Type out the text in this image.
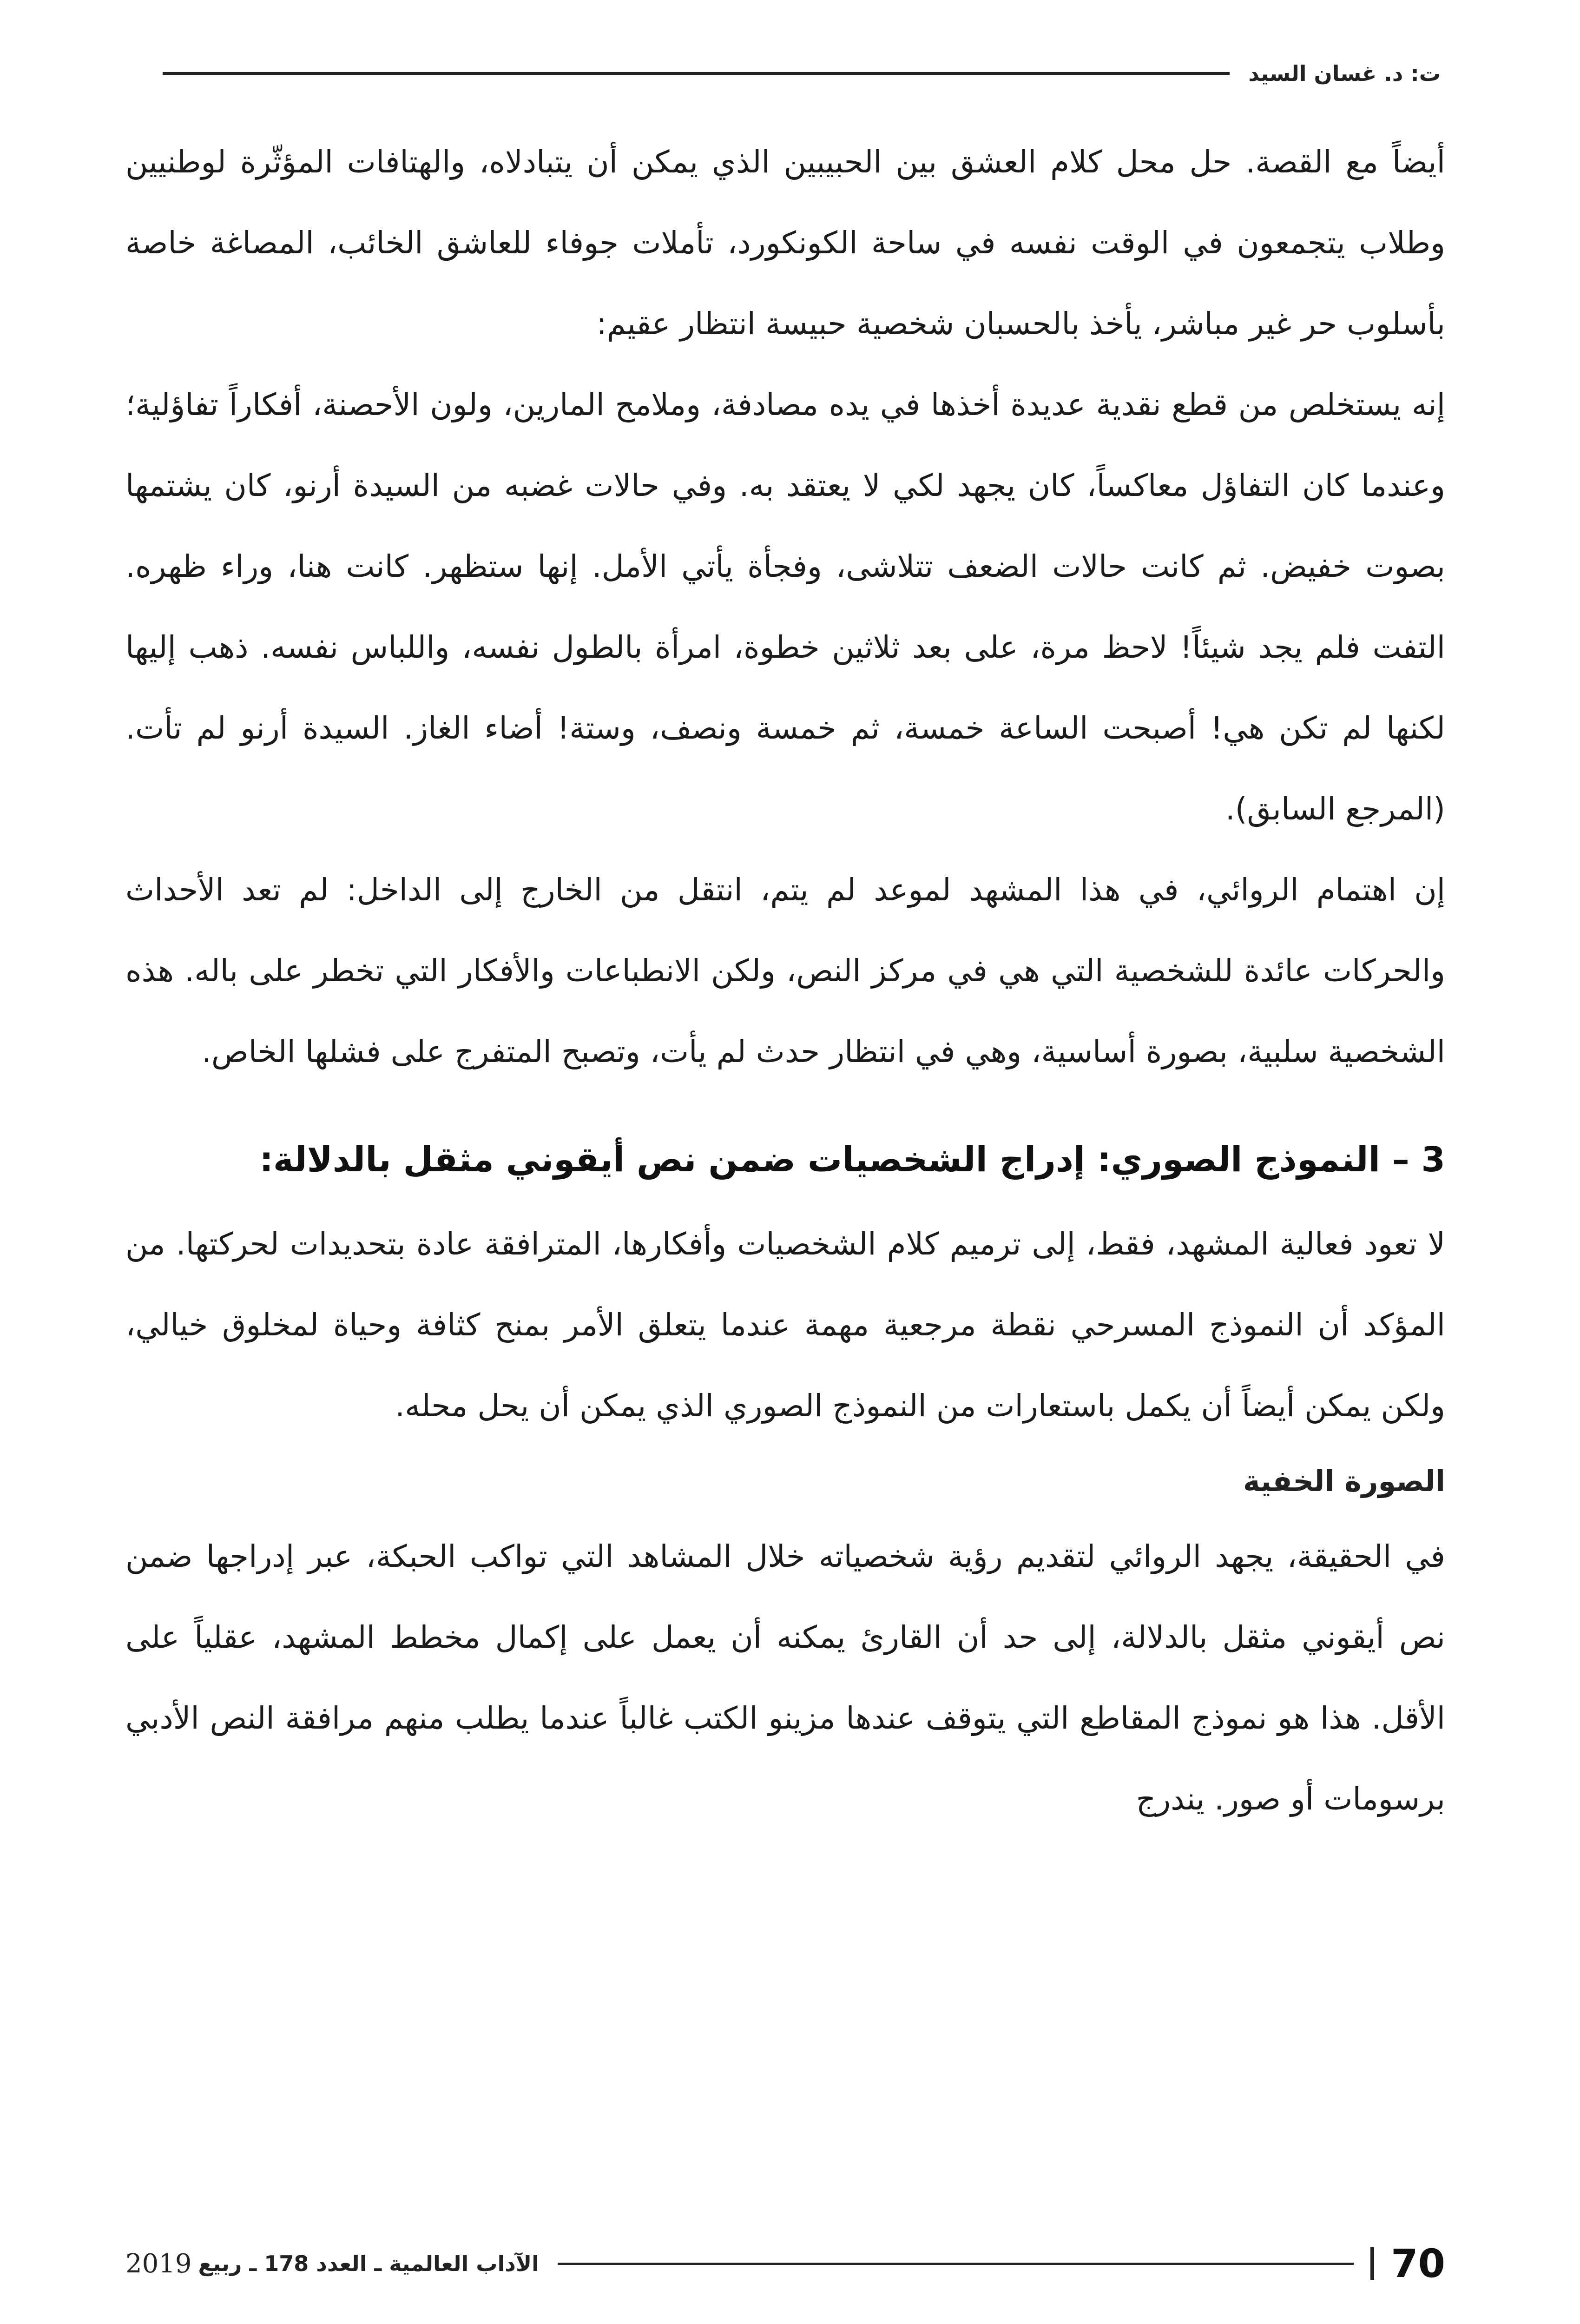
ت: د. غسان السيد

أيضاً مع القصة. حل محل كلام العشق بين الحبيبين الذي يمكن أن يتبادلاه، والهتافات المؤثّرة لوطنيين وطلاب يتجمعون في الوقت نفسه في ساحة الكونكورد، تأملات جوفاء للعاشق الخائب، المصاغة خاصة بأسلوب حر غير مباشر، يأخذ بالحسبان شخصية حبيسة انتظار عقيم:

إنه يستخلص من قطع نقدية عديدة أخذها في يده مصادفة، وملامح المارين، ولون الأحصنة، أفكاراً تفاؤلية؛ وعندما كان التفاؤل معاكساً، كان يجهد لكي لا يعتقد به. وفي حالات غضبه من السيدة أرنو، كان يشتمها بصوت خفيض. ثم كانت حالات الضعف تتلاشى، وفجأة يأتي الأمل. إنها ستظهر. كانت هنا، وراء ظهره. التفت فلم يجد شيئاً! لاحظ مرة، على بعد ثلاثين خطوة، امرأة بالطول نفسه، واللباس نفسه. ذهب إليها لكنها لم تكن هي! أصبحت الساعة خمسة، ثم خمسة ونصف، وستة! أضاء الغاز. السيدة أرنو لم تأت.(المرجع السابق).

إن اهتمام الروائي، في هذا المشهد لموعد لم يتم، انتقل من الخارج إلى الداخل: لم تعد الأحداث والحركات عائدة للشخصية التي هي في مركز النص، ولكن الانطباعات والأفكار التي تخطر على باله. هذه الشخصية سلبية، بصورة أساسية، وهي في انتظار حدث لم يأت، وتصبح المتفرج على فشلها الخاص.

3 – النموذج الصوري: إدراج الشخصيات ضمن نص أيقوني مثقل بالدلالة:

لا تعود فعالية المشهد، فقط، إلى ترميم كلام الشخصيات وأفكارها، المترافقة عادة بتحديدات لحركتها. من المؤكد أن النموذج المسرحي نقطة مرجعية مهمة عندما يتعلق الأمر بمنح كثافة وحياة لمخلوق خيالي، ولكن يمكن أيضاً أن يكمل باستعارات من النموذج الصوري الذي يمكن أن يحل محله.

الصورة الخفية

في الحقيقة، يجهد الروائي لتقديم رؤية شخصياته خلال المشاهد التي تواكب الحبكة، عبر إدراجها ضمن نص أيقوني مثقل بالدلالة، إلى حد أن القارئ يمكنه أن يعمل على إكمال مخطط المشهد، عقلياً على الأقل. هذا هو نموذج المقاطع التي يتوقف عندها مزينو الكتب غالباً عندما يطلب منهم مرافقة النص الأدبي برسومات أو صور. يندرج

70
الآداب العالمية ـ العدد 178 ـ ربيع
2019
